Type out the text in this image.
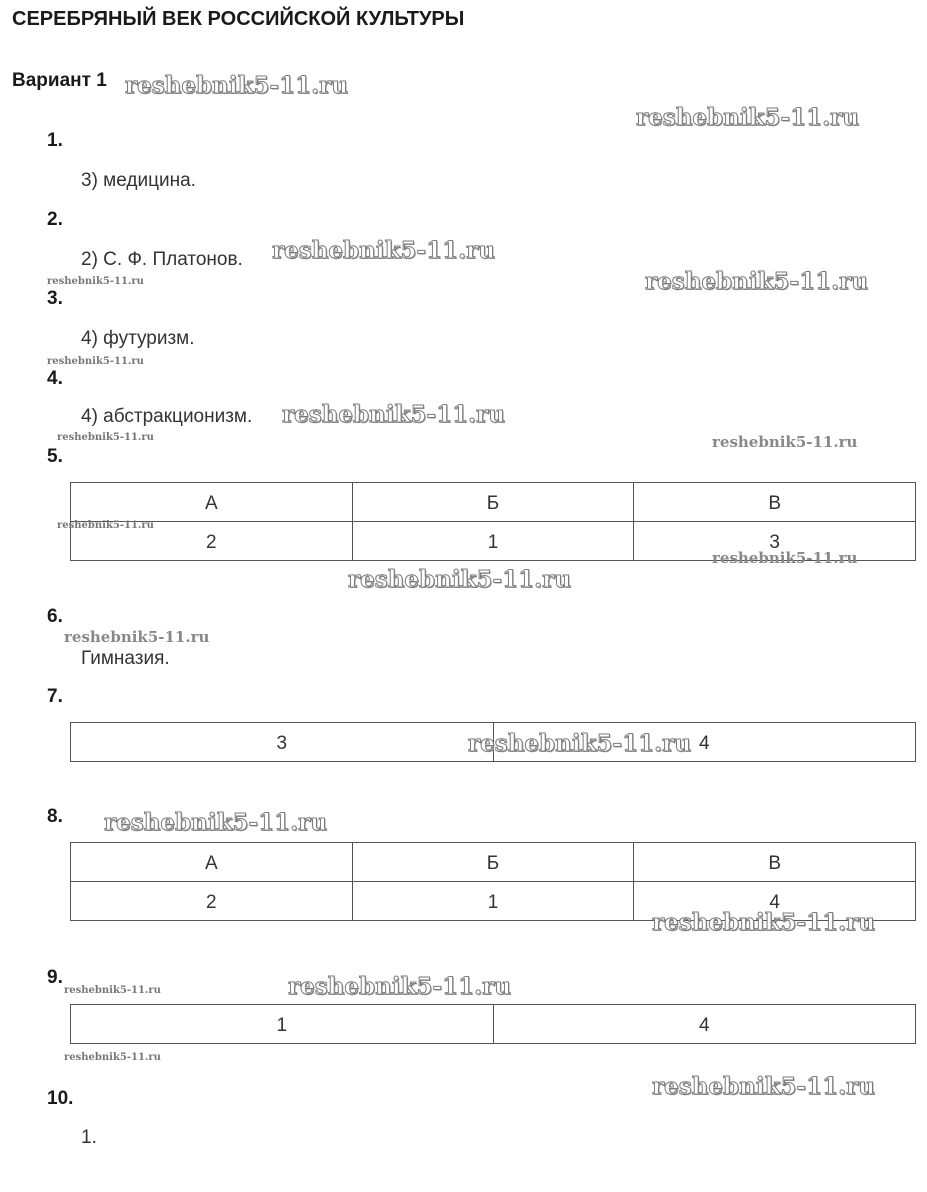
СЕРЕБРЯНЫЙ ВЕК РОССИЙСКОЙ КУЛЬТУРЫ
Вариант 1
1.
3) медицина.
2.
2) С. Ф. Платонов.
3.
4) футуризм.
4.
4) абстракционизм.
5.
А	Б	В
2	1	3
6.
Гимназия.
7.
3	4
8.
А	Б	В
2	1	4
9.
1	4
10.
1.
reshebnik5-11.ru
reshebnik5-11.ru
reshebnik5-11.ru
reshebnik5-11.ru	reshebnik5-11.ru
reshebnik5-11.ru
reshebnik5-11.ru
reshebnik5-11.ru	reshebnik5-11.ru
reshebnik5-11.ru
reshebnik5-11.ru
reshebnik5-11.ru
reshebnik5-11.ru
reshebnik5-11.ru
reshebnik5-11.ru
reshebnik5-11.ru
reshebnik5-11.ru	reshebnik5-11.ru
reshebnik5-11.ru
reshebnik5-11.ru
